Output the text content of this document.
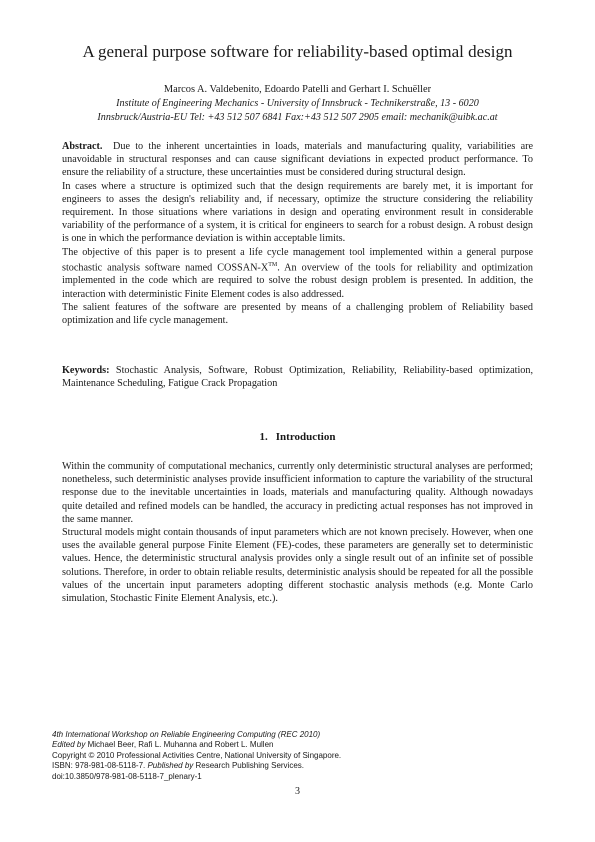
A general purpose software for reliability-based optimal design
Marcos A. Valdebenito, Edoardo Patelli and Gerhart I. Schuëller
Institute of Engineering Mechanics - University of Innsbruck - Technikerstraße, 13 - 6020
Innsbruck/Austria-EU Tel: +43 512 507 6841 Fax:+43 512 507 2905 email: mechanik@uibk.ac.at

Abstract. Due to the inherent uncertainties in loads, materials and manufacturing quality, variabilities are unavoidable in structural responses and can cause significant deviations in expected product performance. To ensure the reliability of a structure, these uncertainties must be considered during structural design.

In cases where a structure is optimized such that the design requirements are barely met, it is important for engineers to asses the design's reliability and, if necessary, optimize the structure considering the reliability requirement. In those situations where variations in design and operating environment result in considerable variability of the performance of a system, it is critical for engineers to search for a robust design. A robust design is one in which the performance deviation is within acceptable limits.

The objective of this paper is to present a life cycle management tool implemented within a general purpose stochastic analysis software named COSSAN-X™. An overview of the tools for reliability and optimization implemented in the code which are required to solve the robust design problem is presented. In addition, the interaction with deterministic Finite Element codes is also addressed.

The salient features of the software are presented by means of a challenging problem of Reliability based optimization and life cycle management.

Keywords: Stochastic Analysis, Software, Robust Optimization, Reliability, Reliability-based optimization, Maintenance Scheduling, Fatigue Crack Propagation
1. Introduction

Within the community of computational mechanics, currently only deterministic structural analyses are performed; nonetheless, such deterministic analyses provide insufficient information to capture the variability of the structural response due to the inevitable uncertainties in loads, materials and manufacturing quality. Although nowadays quite detailed and refined models can be handled, the accuracy in predicting actual responses has not improved in the same manner.

Structural models might contain thousands of input parameters which are not known precisely. However, when one uses the available general purpose Finite Element (FE)-codes, these parameters are generally set to deterministic values. Hence, the deterministic structural analysis provides only a single result out of an infinite set of possible solutions. Therefore, in order to obtain reliable results, deterministic analysis should be repeated for all the possible values of the uncertain input parameters adopting different stochastic analysis methods (e.g. Monte Carlo simulation, Stochastic Finite Element Analysis, etc.).

4th International Workshop on Reliable Engineering Computing (REC 2010)
Edited by Michael Beer, Rafi L. Muhanna and Robert L. Mullen
Copyright © 2010 Professional Activities Centre, National University of Singapore.
ISBN: 978-981-08-5118-7. Published by Research Publishing Services.
doi:10.3850/978-981-08-5118-7_plenary-1
3
